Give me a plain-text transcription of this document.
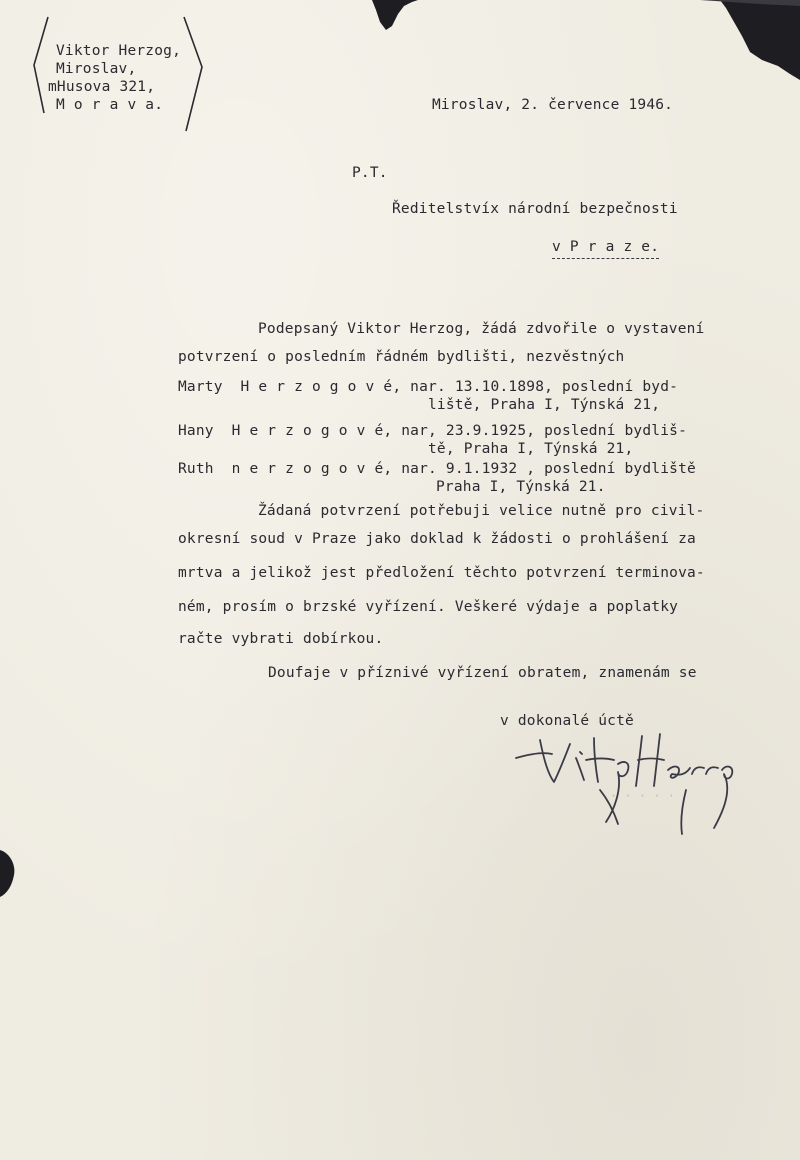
Viktor Herzog,
Miroslav,
mHusova 321,
M o r a v a.	Miroslav, 2. července 1946.
P.T.
Ředitelstvíx národní bezpečnosti
v P r a z e.
Podepsaný Viktor Herzog, žádá zdvořile o vystavení
potvrzení o posledním řádném bydlišti, nezvěstných
Marty  H e r z o g o v é, nar. 13.10.1898, poslední byd-
liště, Praha I, Týnská 21,
Hany  H e r z o g o v é, nar, 23.9.1925, poslední bydliš-
tě, Praha I, Týnská 21,
Ruth  n e r z o g o v é, nar. 9.1.1932 , poslední bydliště
Praha I, Týnská 21.
Žádaná potvrzení potřebuji velice nutně pro civil-
okresní soud v Praze jako doklad k žádosti o prohlášení za
mrtva a jelikož jest předložení těchto potvrzení terminova-
ném, prosím o brzské vyřízení. Veškeré výdaje a poplatky
račte vybrati dobírkou.
Doufaje v příznivé vyřízení obratem, znamenám se
v dokonalé úctě
· · · · ·
